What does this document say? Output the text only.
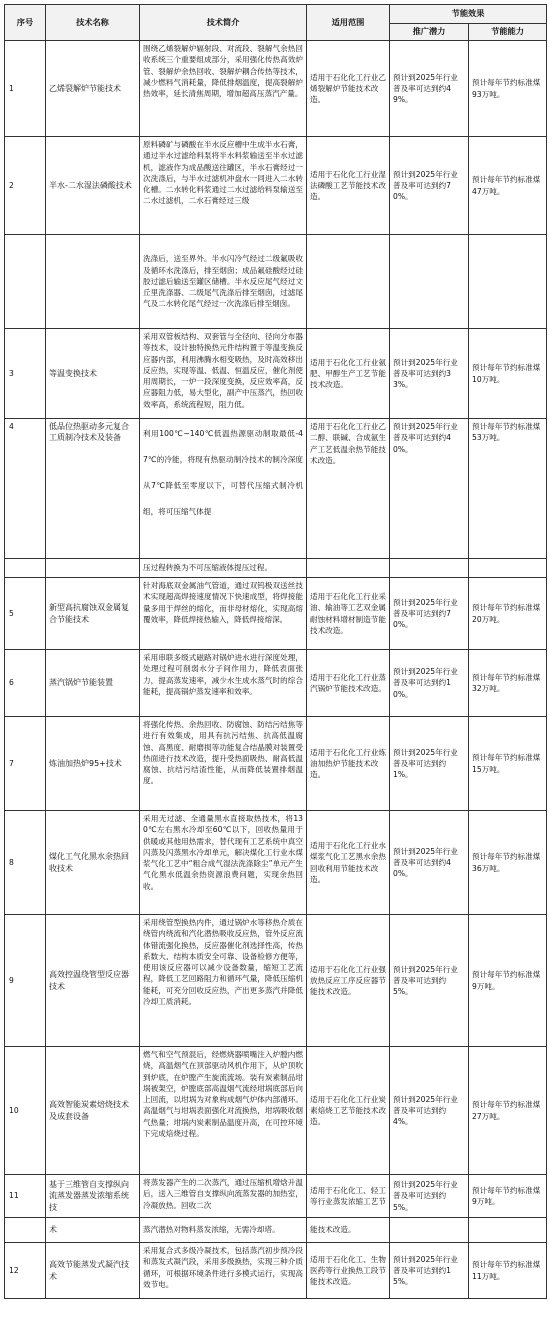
序号	技术名称	技术简介	适用范围	节能效果	
				推广潜力	节能能力
1	乙烯裂解炉节能技术	围绕乙烯裂解炉辐射段、对流段、裂解气余热回收系统三个重要组成部分，采用强化传热高效炉管、裂解炉余热回收、裂解炉耦合传热等技术，减少燃料气消耗量，降低排烟温度，提高裂解炉热效率，延长清焦周期，增加超高压蒸汽产量。	适用于石化化工行业乙烯裂解炉节能技术改造。	预计到2025年行业普及率可达到约49%。	预计每年节约标准煤93万吨。
2	半水-二水湿法磷酸技术	原料磷矿与磷酸在半水反应槽中生成半水石膏，通过半水过滤给料泵将半水料浆输送至半水过滤机，滤液作为成品酸送往罐区，半水石膏经过一次洗涤后，与半水过滤机冲盘水一同进入二水转化槽。二水转化料浆通过二水过滤给料泵输送至二水过滤机，二水石膏经过三级	适用于石化化工行业湿法磷酸工艺节能技术改造。	预计到2025年行业普及率可达到约70%。	预计每年节约标准煤47万吨。
		洗涤后，送至界外。半水闪冷气经过二级氟吸收及循环水洗涤后，排至烟囱；成品氟硅酸经过硅胶过滤后输送至罐区储槽。半水反应尾气经过文丘里洗涤器、二级尾气洗涤后排至烟囱，过滤尾气及二水转化尾气经过一次洗涤后排至烟囱。			
3	等温变换技术	采用双管板结构、双套管与全径向、径向分布器等技术，设计独特换热元件结构置于等温变换反应器内部，利用沸腾水相变吸热，及时高效移出反应热，实现等温、低温、恒温反应，催化剂使用周期长，一炉一段深度变换，反应效率高，反应器阻力低，易大型化，副产中压蒸汽，热回收效率高，系统流程短，阻力低。	适用于石化化工行业氨肥、甲醇生产工艺节能技术改造。	预计到2025年行业普及率可达到约33%。	预计每年节约标准煤10万吨。
4	低品位热驱动多元复合工质制冷技术及装备	利用100℃~140℃低温热源驱动制取最低-47℃的冷能，将现有热驱动制冷技术的制冷深度从7℃降低至零度以下，可替代压缩式制冷机组，将可压缩气体提	适用于石化化工行业乙二醇、联碱、合成氨生产工艺低温余热节能技术改造。	预计到2025年行业普及率可达到约40%。	预计每年节约标准煤53万吨。
		压过程转换为不可压缩液体提压过程。			
5	新型高抗腐蚀双金属复合节能技术	针对海底双金属油气管道，通过双钨极双送丝技术实现超高焊接速度情况下快速成型，将焊接能量多用于焊丝的熔化，而非母材熔化，实现高熔覆效率，降低焊接热输入，降低焊接熔深。	适用于石化化工行业采油、输油等工艺双金属耐蚀材料增材制造节能技术改造。	预计到2025年行业普及率可达到约70%。	预计每年节约标准煤20万吨。
6	蒸汽锅炉节能装置	采用串联多级式磁路对锅炉进水进行深度处理，处理过程可削弱水分子间作用力，降低表面张力，提高蒸发速率，减少水生成水蒸气时的综合能耗，提高锅炉蒸发速率和效率。	适用于石化化工行业蒸汽锅炉节能技术改造。	预计到2025年行业普及率可达到约10%。	预计每年节约标准煤32万吨。
7	炼油加热炉95+技术	将强化传热、余热回收、防腐蚀、防结污结焦等进行有效集成，用具有抗污结焦、抗高低温腐蚀、高黑度、耐磨损等功能复合结晶膜对装置受热面进行技术改造，提升受热面吸热、耐高低温腐蚀、抗结污结渣性能，从而降低装置排烟温度。	适用于石化化工行业炼油加热炉节能技术改造。	预计到2025年行业普及率可达到约1%。	预计每年节约标准煤15万吨。
8	煤化工气化黑水余热回收技术	采用无过滤、全通量黑水直接取热技术，将130℃左右黑水冷却至60℃以下，回收热量用于供暖或其他用热需求，替代现有工艺系统中真空闪蒸及闪蒸黑水冷却单元，解决煤化工行业水煤浆气化工艺中“粗合成气湿法洗涤除尘”单元产生气化黑水低温余热资源浪费问题，实现余热回收。	适用于石化化工行业水煤浆气化工艺黑水余热回收利用节能技术改造。	预计到2025年行业普及率可达到约40%。	预计每年节约标准煤36万吨。
9	高效控温绕管型反应器技术	采用绕管型换热内件，通过锅炉水等移热介质在绕管内绕流和汽化潜热吸收反应热，管外反应流体错流强化换热，反应器催化剂选择性高，传热系数大、结构本质安全可靠、设备检修方便等，使用该反应器可以减少设备数量，缩短工艺流程，降低工艺回路阻力和循环气量，降低压缩机能耗，可充分回收反应热，产出更多蒸汽并降低冷却工质消耗。	适用于石化化工行业强放热反应工序反应器节能技术改造。	预计到2025年行业普及率可达到约5%。	预计每年节约标准煤9万吨。
10	高效智能炭素焙烧技术及成套设备	燃气和空气预混后，经燃烧器喷嘴注入炉膛内燃烧，高温烟气在顶部驱动风机作用下，从炉顶吹到炉底，在炉膛产生旋流流场。装有炭素制品坩埚被架空，炉膛底部高温烟气流经坩埚底部后向上回流，以坩埚为对象构成烟气炉体内部循环。高温烟气与坩埚表面强化对流换热，坩埚吸收烟气热量；坩埚内炭素制品温度升高，在可控环境下完成焙烧过程。	适用于石化化工行业炭素焙烧工艺节能技术改造。	预计到2025年行业普及率可达到约4%。	预计每年节约标准煤27万吨。
11	基于三维管自支撑纵向流蒸发器蒸发浓缩系统技	将蒸发器产生的二次蒸汽，通过压缩机增焓升温后，送入三维管自支撑纵向流蒸发器的加热室，冷凝放热。回收二次	适用于石化化工、轻工等行业蒸发浓缩工艺节	预计到2025年行业普及率可达到约5%。	预计每年节约标准煤9万吨。
	术	蒸汽潜热对物料蒸发浓缩，无需冷却塔。	能技术改造。		
12	高效节能蒸发式凝汽技术	采用复合式多级冷凝技术，包括蒸汽初步预冷段和蒸发式凝汽段，采用多级换热，实现三种介质循环，可根据环境条件进行多模式运行，实现高效节电。	适用于石化化工、生物医药等行业换热工段节能技术改造。	预计到2025年行业普及率可达到约15%。	预计每年节约标准煤11万吨。
